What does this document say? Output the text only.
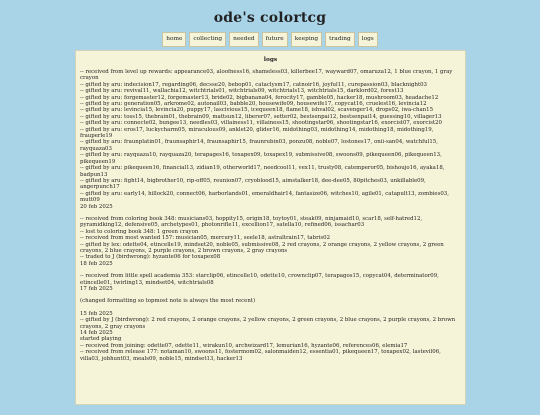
ode's colortcg
home	collecting	needed	future	keeping	trading	logs
logs
-- received from level up rewards: appearance03, aloofness16, shameless03, killerbee17, wayward07, omaruza12, 1 blue crayon, 1 gray crayon
-- gifted by aru: indecision17, regarding06, decsse20, bebop01, cataclysm17, catnoir16, joyful11, curepassion03, blacknight03
-- gifted by aru: revival11, wallachia12, witchtrials01, witchtrials09, witchtrials13, witchtrials15, darklord02, forest13
-- gifted by aru: forgemaster12, forgemaster13, bride02, bigbanana04, ferocity17, gamble05, hacker18, mushroom03, headache12
-- gifted by aru: generation05, arkrome02, autonail03, babble20, housewife09, housewife17, copycat16, cruelest16, levincia12
-- gifted by aru: levincia15, levincia20, puppy17, lascivious15, icequeen18, flame18, ishval02, scavenger14, drops02, iwa-chan15
-- gifted by aru: toss15, thebrain01, thebrain09, mattsun12, liberer07, setter02, bestsenpai12, bestsenpai14, guessing10, villager13
-- gifted by aru: connecte02, bungee13, needles03, villainess11, villainess15, shootingstar06, shootingstar16, exorcist07, exorcist20
-- gifted by aru: eros17, luckycharm05, miraculous09, anklet20, glider16, midothing03, midothing14, midothing18, midothing19, frauperle19
-- gifted by aru: fraunplatin01, fraunsaphir14, fraunsaphir15, fraunrubin03, ponzu08, noble07, lostones17, onii-san04, watchful15, rayquaza03
-- gifted by aru: rayquaza10, rayquaza20, terapages16, toxapex09, toxapex19, submissive08, swoons09, pikequeen06, pikequeen13, pikequeen19
-- gifted by aru: pikequeen16, financial13, zidian19, otherworld17, needcool11, vex11, trusty08, catemperor05, bishoujo16, ayaka18, badpun13
-- gifted by aru: fight14, bigbrother10, rip-off05, reunion07, cryoblood15, aimstalker18, dee-dee05, 80pitches03, unkillable09, angerpunch17
-- gifted by aru: early14, hillock20, connect06, harborlands01, emeraldhair14, fantasize06, witches10, agile01, catapult13, zombies03, mutt09
20 feb 2025
-- received from coloring book 348: musicians03, hoppity15, origin18, toytoy01, steak09, ninjamaid10, scar18, self-hatred12, pyramidking12, defensive05, archetypes01, photonrifle11, excellion17, satella10, refined06, issachar03
-- lost to coloring book 348: 1 green crayon
-- received from most wanted 157: musician05, mercury11, seele18, astraltrain17, tabris02
-- gifted by lex: odette04, etincelle19, mindset20, noble05, submissive08, 2 red crayons, 2 orange crayons, 2 yellow crayons, 2 green crayons, 2 blue crayons, 2 purple crayons, 2 brown crayons, 2 gray crayons
-- traded to J (birdwrong): hyzante06 for toxapex08
18 feb 2025
-- received from little spell academia 353: starclip06, etincelle10, odette10, crownclip07, terapagos15, copycat04, determinator09, etincelle01, twirling13, mindset04, witchtrials08
17 feb 2025
(changed formatting so topmost note is always the most recent)
15 feb 2025
-- gifted by J (birdwrong): 2 red crayons, 2 orange crayons, 2 yellow crayons, 2 green crayons, 2 blue crayons, 2 purple crayons, 2 brown crayons, 2 gray crayons
14 feb 2025
started playing
-- received from joining: odette07, odette11, wirakun10, archwizard17, lemurian16, hyzante06, references06, elemia17
-- received from release 177: notaman10, swoons11, fostermom02, salonmaiden12, essentia01, pikequeen17, toxapex02, lastevil06, villa03, jobhunt03, meals09, noble15, mindset13, hacker13
